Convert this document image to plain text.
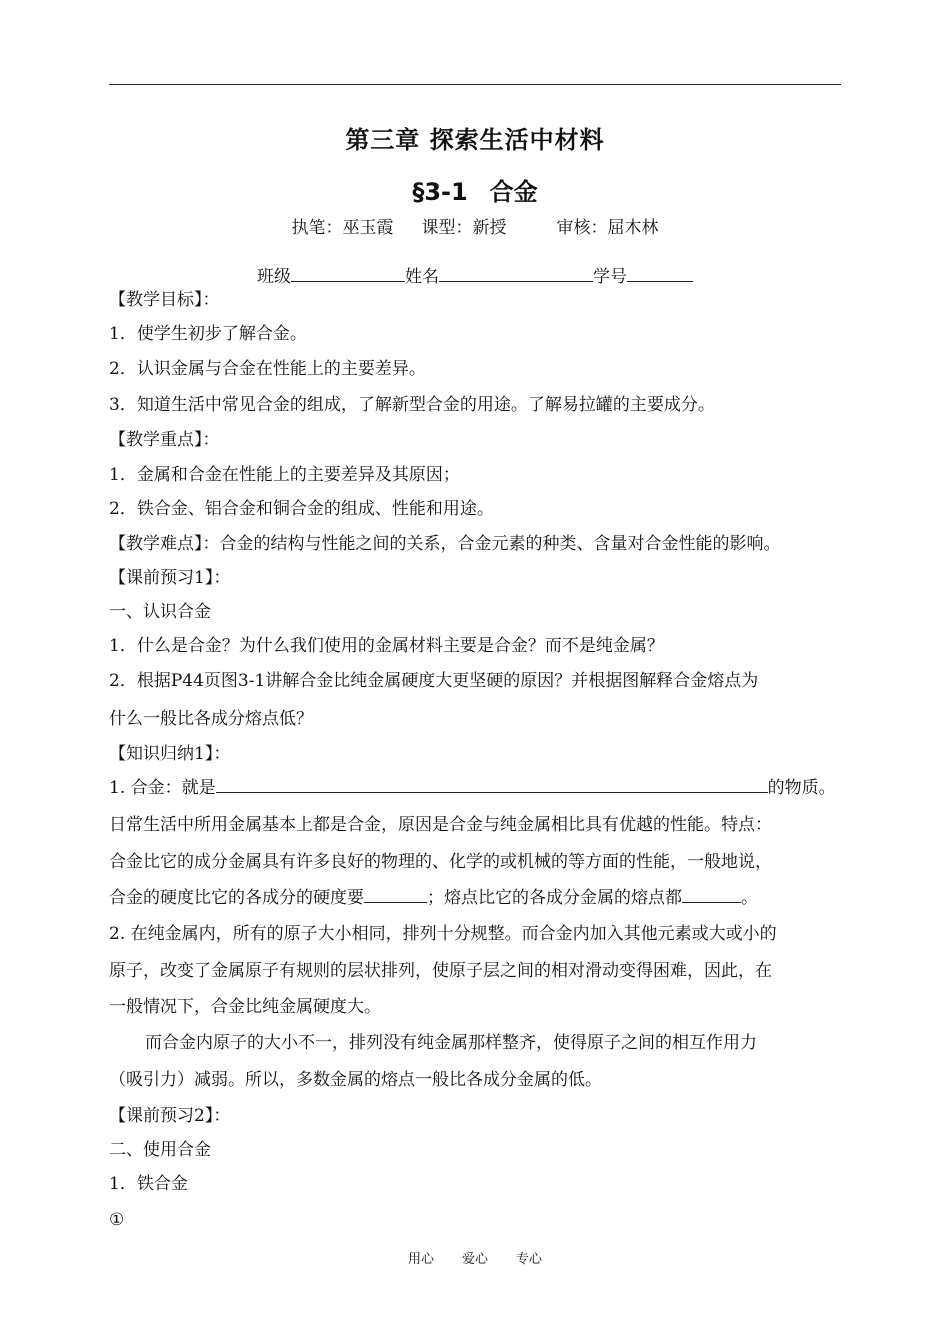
第三章 探索生活中材料
§3-1 合金
执笔：巫玉霞 课型：新授	审核：屈木林
班级	姓名	学号
【教学目标】：
1．使学生初步了解合金。
2．认识金属与合金在性能上的主要差异。
3．知道生活中常见合金的组成，了解新型合金的用途。了解易拉罐的主要成分。
【教学重点】：
1．金属和合金在性能上的主要差异及其原因；
2．铁合金、铝合金和铜合金的组成、性能和用途。
【教学难点】：合金的结构与性能之间的关系，合金元素的种类、含量对合金性能的影响。
【课前预习1】：
一、认识合金
1．什么是合金？为什么我们使用的金属材料主要是合金？而不是纯金属？
2．根据P44页图3-1讲解合金比纯金属硬度大更坚硬的原因？并根据图解释合金熔点为
什么一般比各成分熔点低？
【知识归纳1】：
1. 合金：就是	的物质。
日常生活中所用金属基本上都是合金，原因是合金与纯金属相比具有优越的性能。特点：
合金比它的成分金属具有许多良好的物理的、化学的或机械的等方面的性能，一般地说，
合金的硬度比它的各成分的硬度要	；熔点比它的各成分金属的熔点都	。
2. 在纯金属内，所有的原子大小相同，排列十分规整。而合金内加入其他元素或大或小的
原子，改变了金属原子有规则的层状排列，使原子层之间的相对滑动变得困难，因此，在
一般情况下，合金比纯金属硬度大。
而合金内原子的大小不一，排列没有纯金属那样整齐，使得原子之间的相互作用力
（吸引力）减弱。所以，多数金属的熔点一般比各成分金属的低。
【课前预习2】：
二、使用合金
1．铁合金
①
用心 爱心 专心
